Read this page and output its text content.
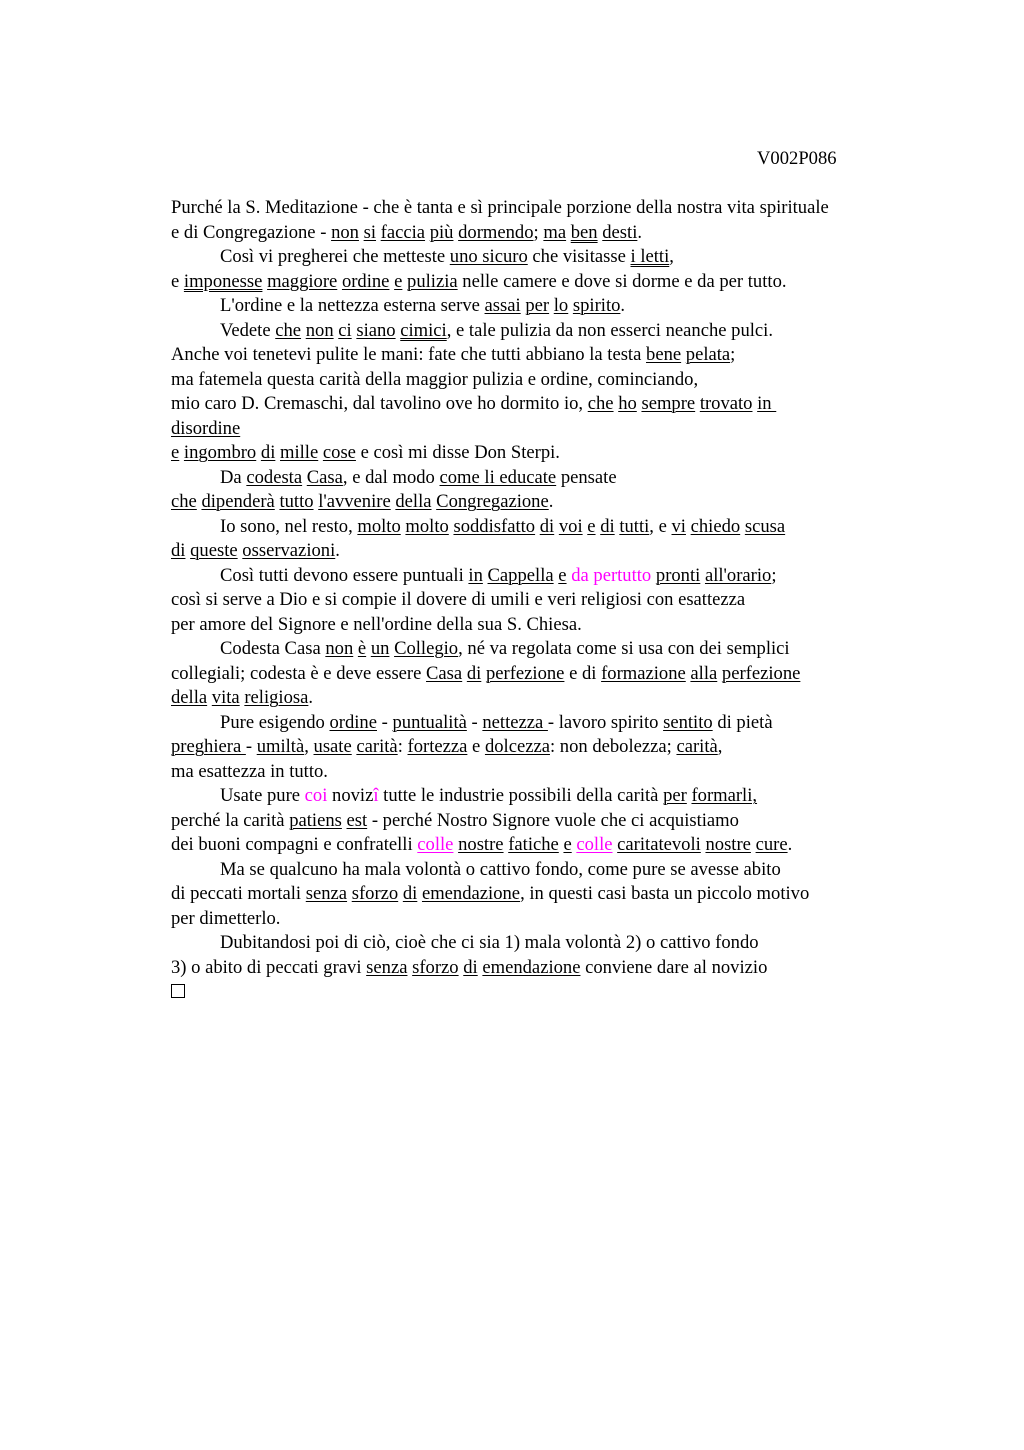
V002P086
Purché la S. Meditazione - che è tanta e sì principale porzione della nostra vita spirituale
e di Congregazione - non si faccia più dormendo; ma ben desti.
Così vi pregherei che metteste uno sicuro che visitasse i letti,
e imponesse maggiore ordine e pulizia nelle camere e dove si dorme e da per tutto.
L'ordine e la nettezza esterna serve assai per lo spirito.
Vedete che non ci siano cimici, e tale pulizia da non esserci neanche pulci.
Anche voi tenetevi pulite le mani: fate che tutti abbiano la testa bene pelata;
ma fatemela questa carità della maggior pulizia e ordine, cominciando,
mio caro D. Cremaschi, dal tavolino ove ho dormito io, che ho sempre trovato in
disordine
e ingombro di mille cose e così mi disse Don Sterpi.
Da codesta Casa, e dal modo come li educate pensate
che dipenderà tutto l'avvenire della Congregazione.
Io sono, nel resto, molto molto soddisfatto di voi e di tutti, e vi chiedo scusa
di queste osservazioni.
Così tutti devono essere puntuali in Cappella e da pertutto pronti all'orario;
così si serve a Dio e si compie il dovere di umili e veri religiosi con esattezza
per amore del Signore e nell'ordine della sua S. Chiesa.
Codesta Casa non è un Collegio, né va regolata come si usa con dei semplici
collegiali; codesta è e deve essere Casa di perfezione e di formazione alla perfezione
della vita religiosa.
Pure esigendo ordine - puntualità - nettezza - lavoro spirito sentito di pietà
preghiera - umiltà, usate carità: fortezza e dolcezza: non debolezza; carità,
ma esattezza in tutto.
Usate pure coi novizî tutte le industrie possibili della carità per formarli,
perché la carità patiens est - perché Nostro Signore vuole che ci acquistiamo
dei buoni compagni e confratelli colle nostre fatiche e colle caritatevoli nostre cure.
Ma se qualcuno ha mala volontà o cattivo fondo, come pure se avesse abito
di peccati mortali senza sforzo di emendazione, in questi casi basta un piccolo motivo
per dimetterlo.
Dubitandosi poi di ciò, cioè che ci sia 1) mala volontà 2) o cattivo fondo
3) o abito di peccati gravi senza sforzo di emendazione conviene dare al novizio
